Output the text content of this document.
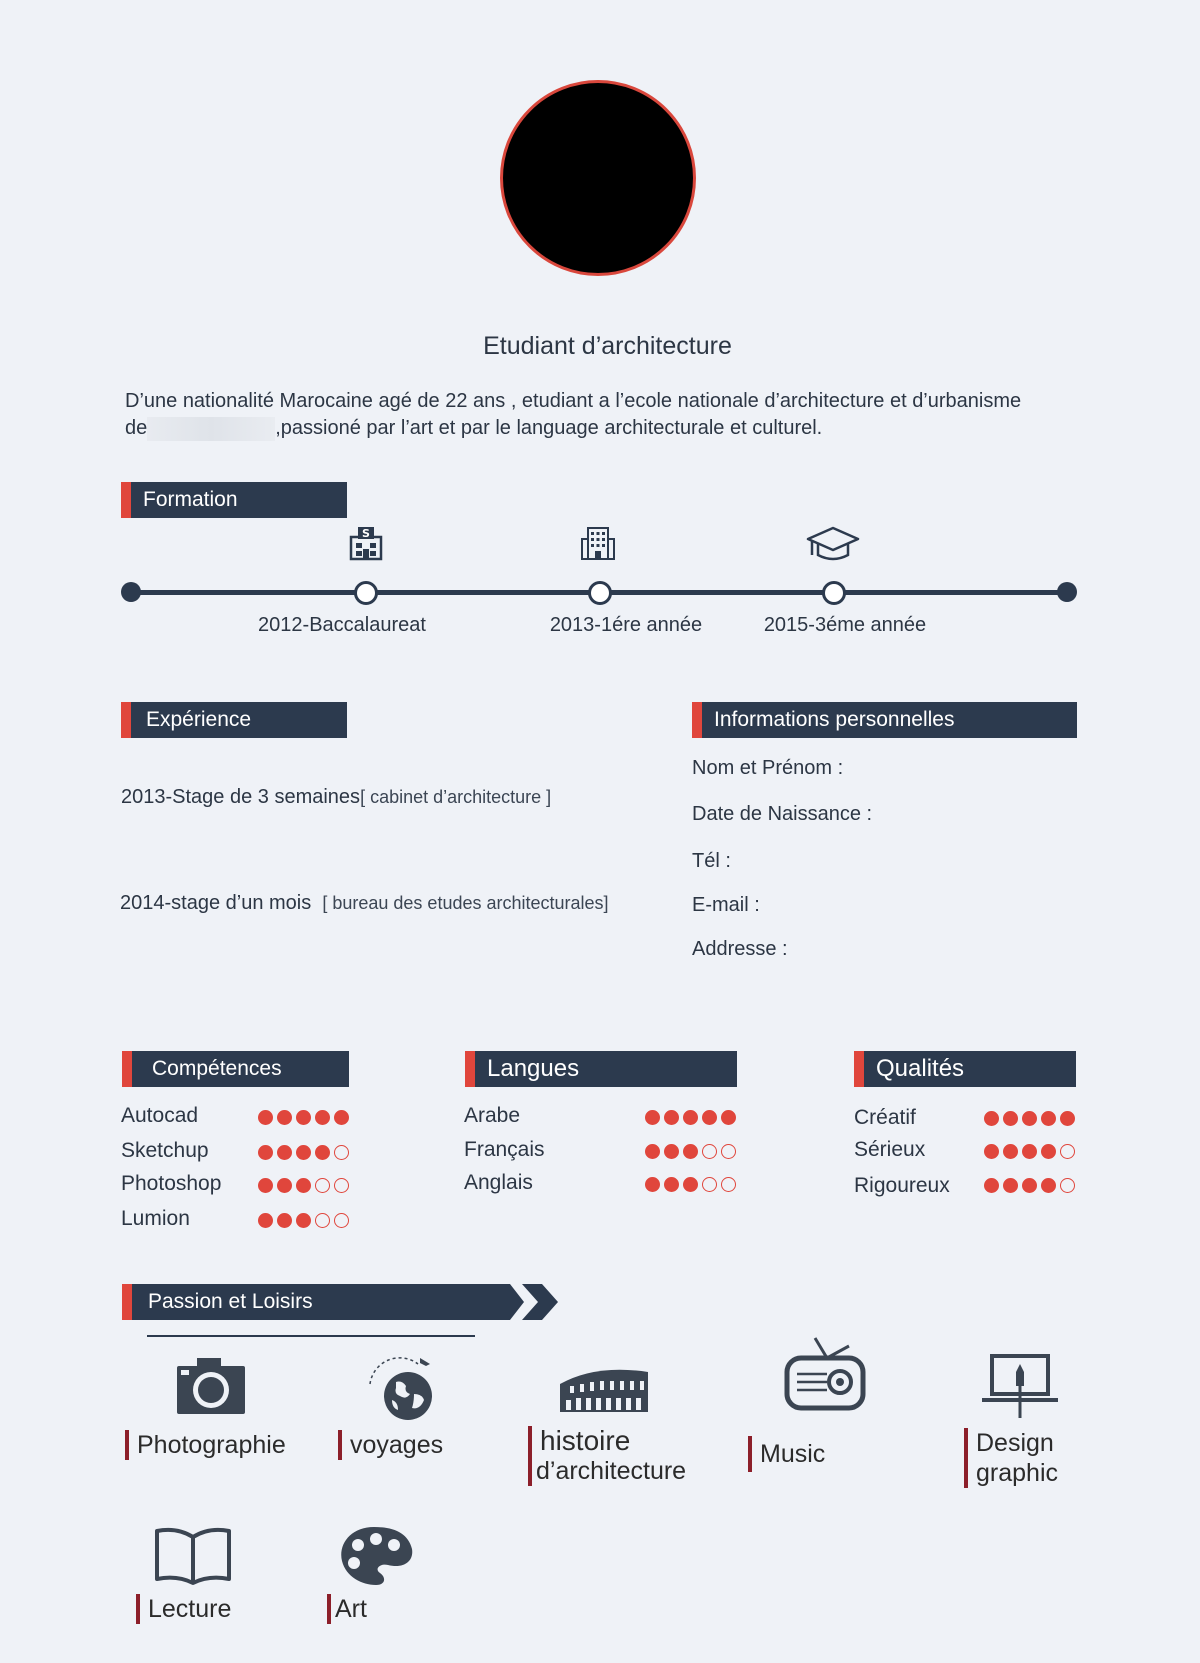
Etudiant d’architecture
D’une nationalité Marocaine agé de 22 ans , etudiant a l’ecole nationale d’architecture et d’urbanisme
de	,passioné par l’art et par le language architecturale et culturel.
Formation
S
2012-Baccalaureat	2013-1ére année	2015-3éme année
Expérience
2013-Stage de 3 semaines[ cabinet d’architecture ]
2014-stage d’un mois [ bureau des etudes architecturales]
Informations personnelles
Nom et Prénom :
Date de Naissance :
Tél :
E-mail :
Addresse :
Compétences
Autocad
Sketchup
Photoshop
Lumion
Langues
Arabe
Français
Anglais
Qualités
Créatif
Sérieux
Rigoureux
Passion et Loisirs
Photographie	voyages	histoire
d’architecture
Music	Design
graphic
Lecture	Art
